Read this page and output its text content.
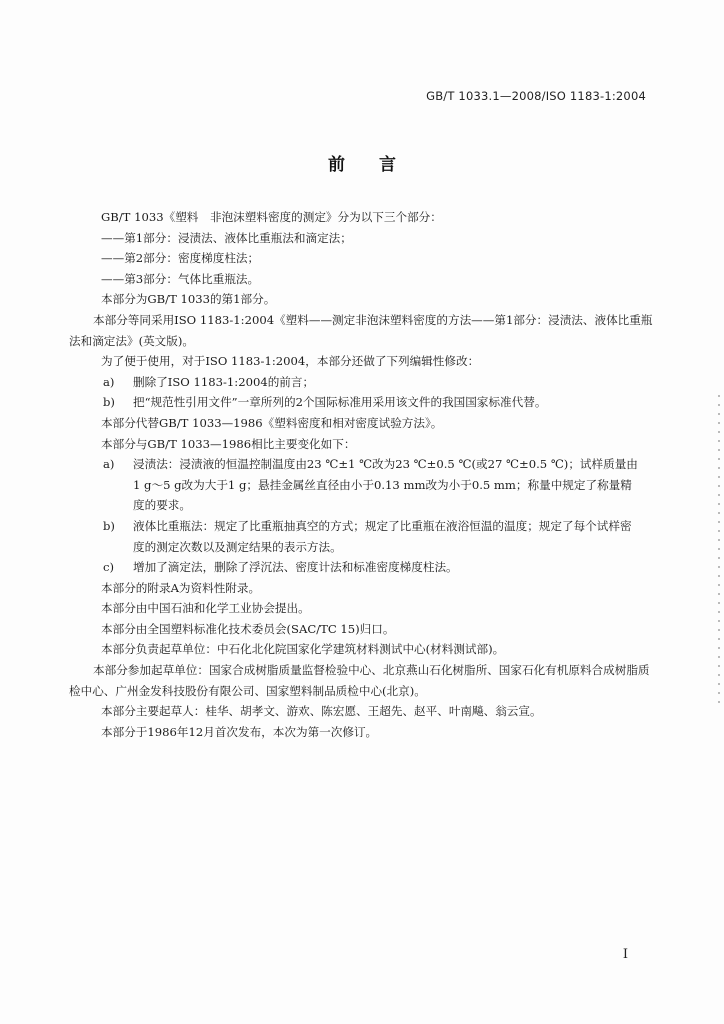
GB/T 1033.1—2008/ISO 1183-1:2004
前言

GB/T 1033《塑料　非泡沫塑料密度的测定》分为以下三个部分：

——第1部分：浸渍法、液体比重瓶法和滴定法；

——第2部分：密度梯度柱法；

——第3部分：气体比重瓶法。

本部分为GB/T 1033的第1部分。

本部分等同采用ISO 1183-1:2004《塑料——测定非泡沫塑料密度的方法——第1部分：浸渍法、液体比重瓶法和滴定法》(英文版)。

为了便于使用，对于ISO 1183-1:2004，本部分还做了下列编辑性修改：

a) 删除了ISO 1183-1:2004的前言；

b) 把“规范性引用文件”一章所列的2个国际标准用采用该文件的我国国家标准代替。

本部分代替GB/T 1033—1986《塑料密度和相对密度试验方法》。

本部分与GB/T 1033—1986相比主要变化如下：

a) 浸渍法：浸渍液的恒温控制温度由23 ℃±1 ℃改为23 ℃±0.5 ℃(或27 ℃±0.5 ℃)；试样质量由1 g～5 g改为大于1 g；悬挂金属丝直径由小于0.13 mm改为小于0.5 mm；称量中规定了称量精度的要求。

b) 液体比重瓶法：规定了比重瓶抽真空的方式；规定了比重瓶在液浴恒温的温度；规定了每个试样密度的测定次数以及测定结果的表示方法。

c) 增加了滴定法，删除了浮沉法、密度计法和标准密度梯度柱法。

本部分的附录A为资料性附录。

本部分由中国石油和化学工业协会提出。

本部分由全国塑料标准化技术委员会(SAC/TC 15)归口。

本部分负责起草单位：中石化北化院国家化学建筑材料测试中心(材料测试部)。

本部分参加起草单位：国家合成树脂质量监督检验中心、北京燕山石化树脂所、国家石化有机原料合成树脂质检中心、广州金发科技股份有限公司、国家塑料制品质检中心(北京)。

本部分主要起草人：桂华、胡孝文、游欢、陈宏愿、王超先、赵平、叶南飚、翁云宣。

本部分于1986年12月首次发布，本次为第一次修订。

I
